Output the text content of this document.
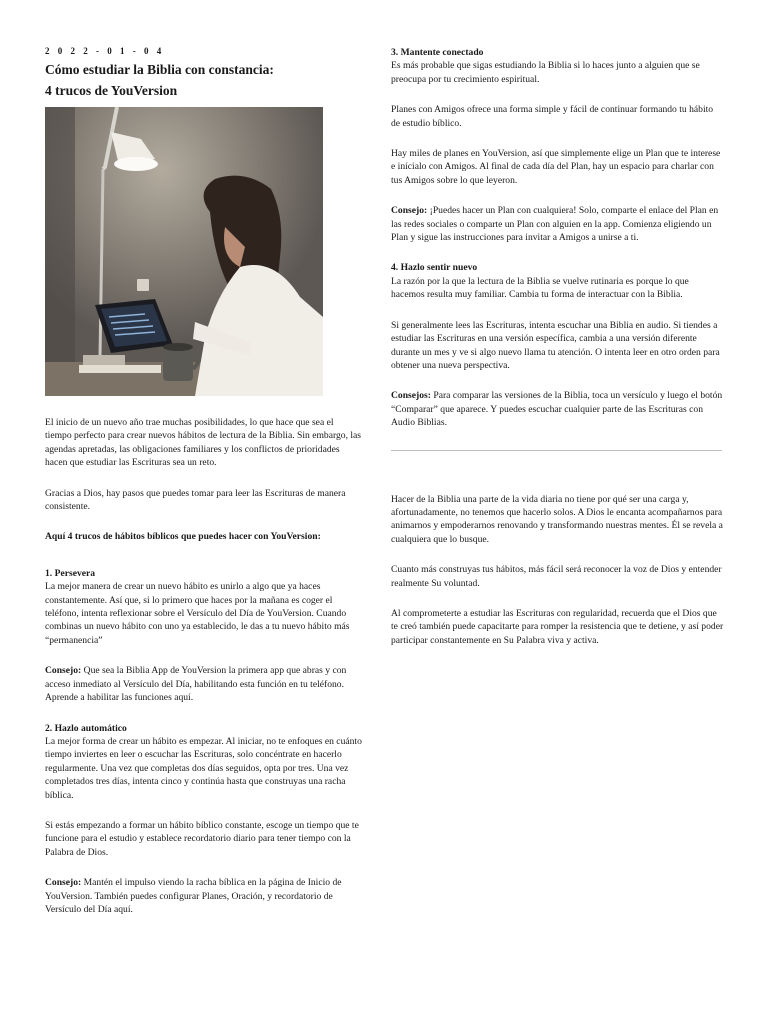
2 0 2 2 - 0 1 - 0 4
Cómo estudiar la Biblia con constancia:
4 trucos de YouVersion

El inicio de un nuevo año trae muchas posibilidades, lo que hace que sea el tiempo perfecto para crear nuevos hábitos de lectura de la Biblia. Sin embargo, las agendas apretadas, las obligaciones familiares y los conflictos de prioridades hacen que estudiar las Escrituras sea un reto.

Gracias a Dios, hay pasos que puedes tomar para leer las Escrituras de manera consistente.

Aquí 4 trucos de hábitos bíblicos que puedes hacer con YouVersion:

1. Persevera

La mejor manera de crear un nuevo hábito es unirlo a algo que ya haces constantemente. Así que, si lo primero que haces por la mañana es coger el teléfono, intenta reflexionar sobre el Versículo del Día de YouVersion. Cuando combinas un nuevo hábito con uno ya establecido, le das a tu nuevo hábito más “permanencia”

Consejo: Que sea la Biblia App de YouVersion la primera app que abras y con acceso inmediato al Versículo del Día, habilitando esta función en tu teléfono. Aprende a habilitar las funciones aquí.

2. Hazlo automático

La mejor forma de crear un hábito es empezar. Al iniciar, no te enfoques en cuánto tiempo inviertes en leer o escuchar las Escrituras, solo concéntrate en hacerlo regularmente. Una vez que completas dos días seguidos, opta por tres. Una vez completados tres días, intenta cinco y continúa hasta que construyas una racha bíblica.

Si estás empezando a formar un hábito bíblico constante, escoge un tiempo que te funcione para el estudio y establece recordatorio diario para tener tiempo con la Palabra de Dios.

Consejo: Mantén el impulso viendo la racha bíblica en la página de Inicio de YouVersion. También puedes configurar Planes, Oración, y recordatorio de Versículo del Día aquí.

3. Mantente conectado

Es más probable que sigas estudiando la Biblia si lo haces junto a alguien que se preocupa por tu crecimiento espiritual.

Planes con Amigos ofrece una forma simple y fácil de continuar formando tu hábito de estudio bíblico.

Hay miles de planes en YouVersion, así que simplemente elige un Plan que te interese e inícialo con Amigos. Al final de cada día del Plan, hay un espacio para charlar con tus Amigos sobre lo que leyeron.

Consejo: ¡Puedes hacer un Plan con cualquiera! Solo, comparte el enlace del Plan en las redes sociales o comparte un Plan con alguien en la app. Comienza eligiendo un Plan y sigue las instrucciones para invitar a Amigos a unirse a ti.

4. Hazlo sentir nuevo

La razón por la que la lectura de la Biblia se vuelve rutinaria es porque lo que hacemos resulta muy familiar. Cambia tu forma de interactuar con la Biblia.

Si generalmente lees las Escrituras, intenta escuchar una Biblia en audio. Si tiendes a estudiar las Escrituras en una versión específica, cambia a una versión diferente durante un mes y ve si algo nuevo llama tu atención. O intenta leer en otro orden para obtener una nueva perspectiva.

Consejos: Para comparar las versiones de la Biblia, toca un versículo y luego el botón “Comparar” que aparece. Y puedes escuchar cualquier parte de las Escrituras con Audio Biblias.

Hacer de la Biblia una parte de la vida diaria no tiene por qué ser una carga y, afortunadamente, no tenemos que hacerlo solos. A Dios le encanta acompañarnos para animarnos y empoderarnos renovando y transformando nuestras mentes. Él se revela a cualquiera que lo busque.

Cuanto más construyas tus hábitos, más fácil será reconocer la voz de Dios y entender realmente Su voluntad.

Al comprometerte a estudiar las Escrituras con regularidad, recuerda que el Dios que te creó también puede capacitarte para romper la resistencia que te detiene, y así poder participar constantemente en Su Palabra viva y activa.
